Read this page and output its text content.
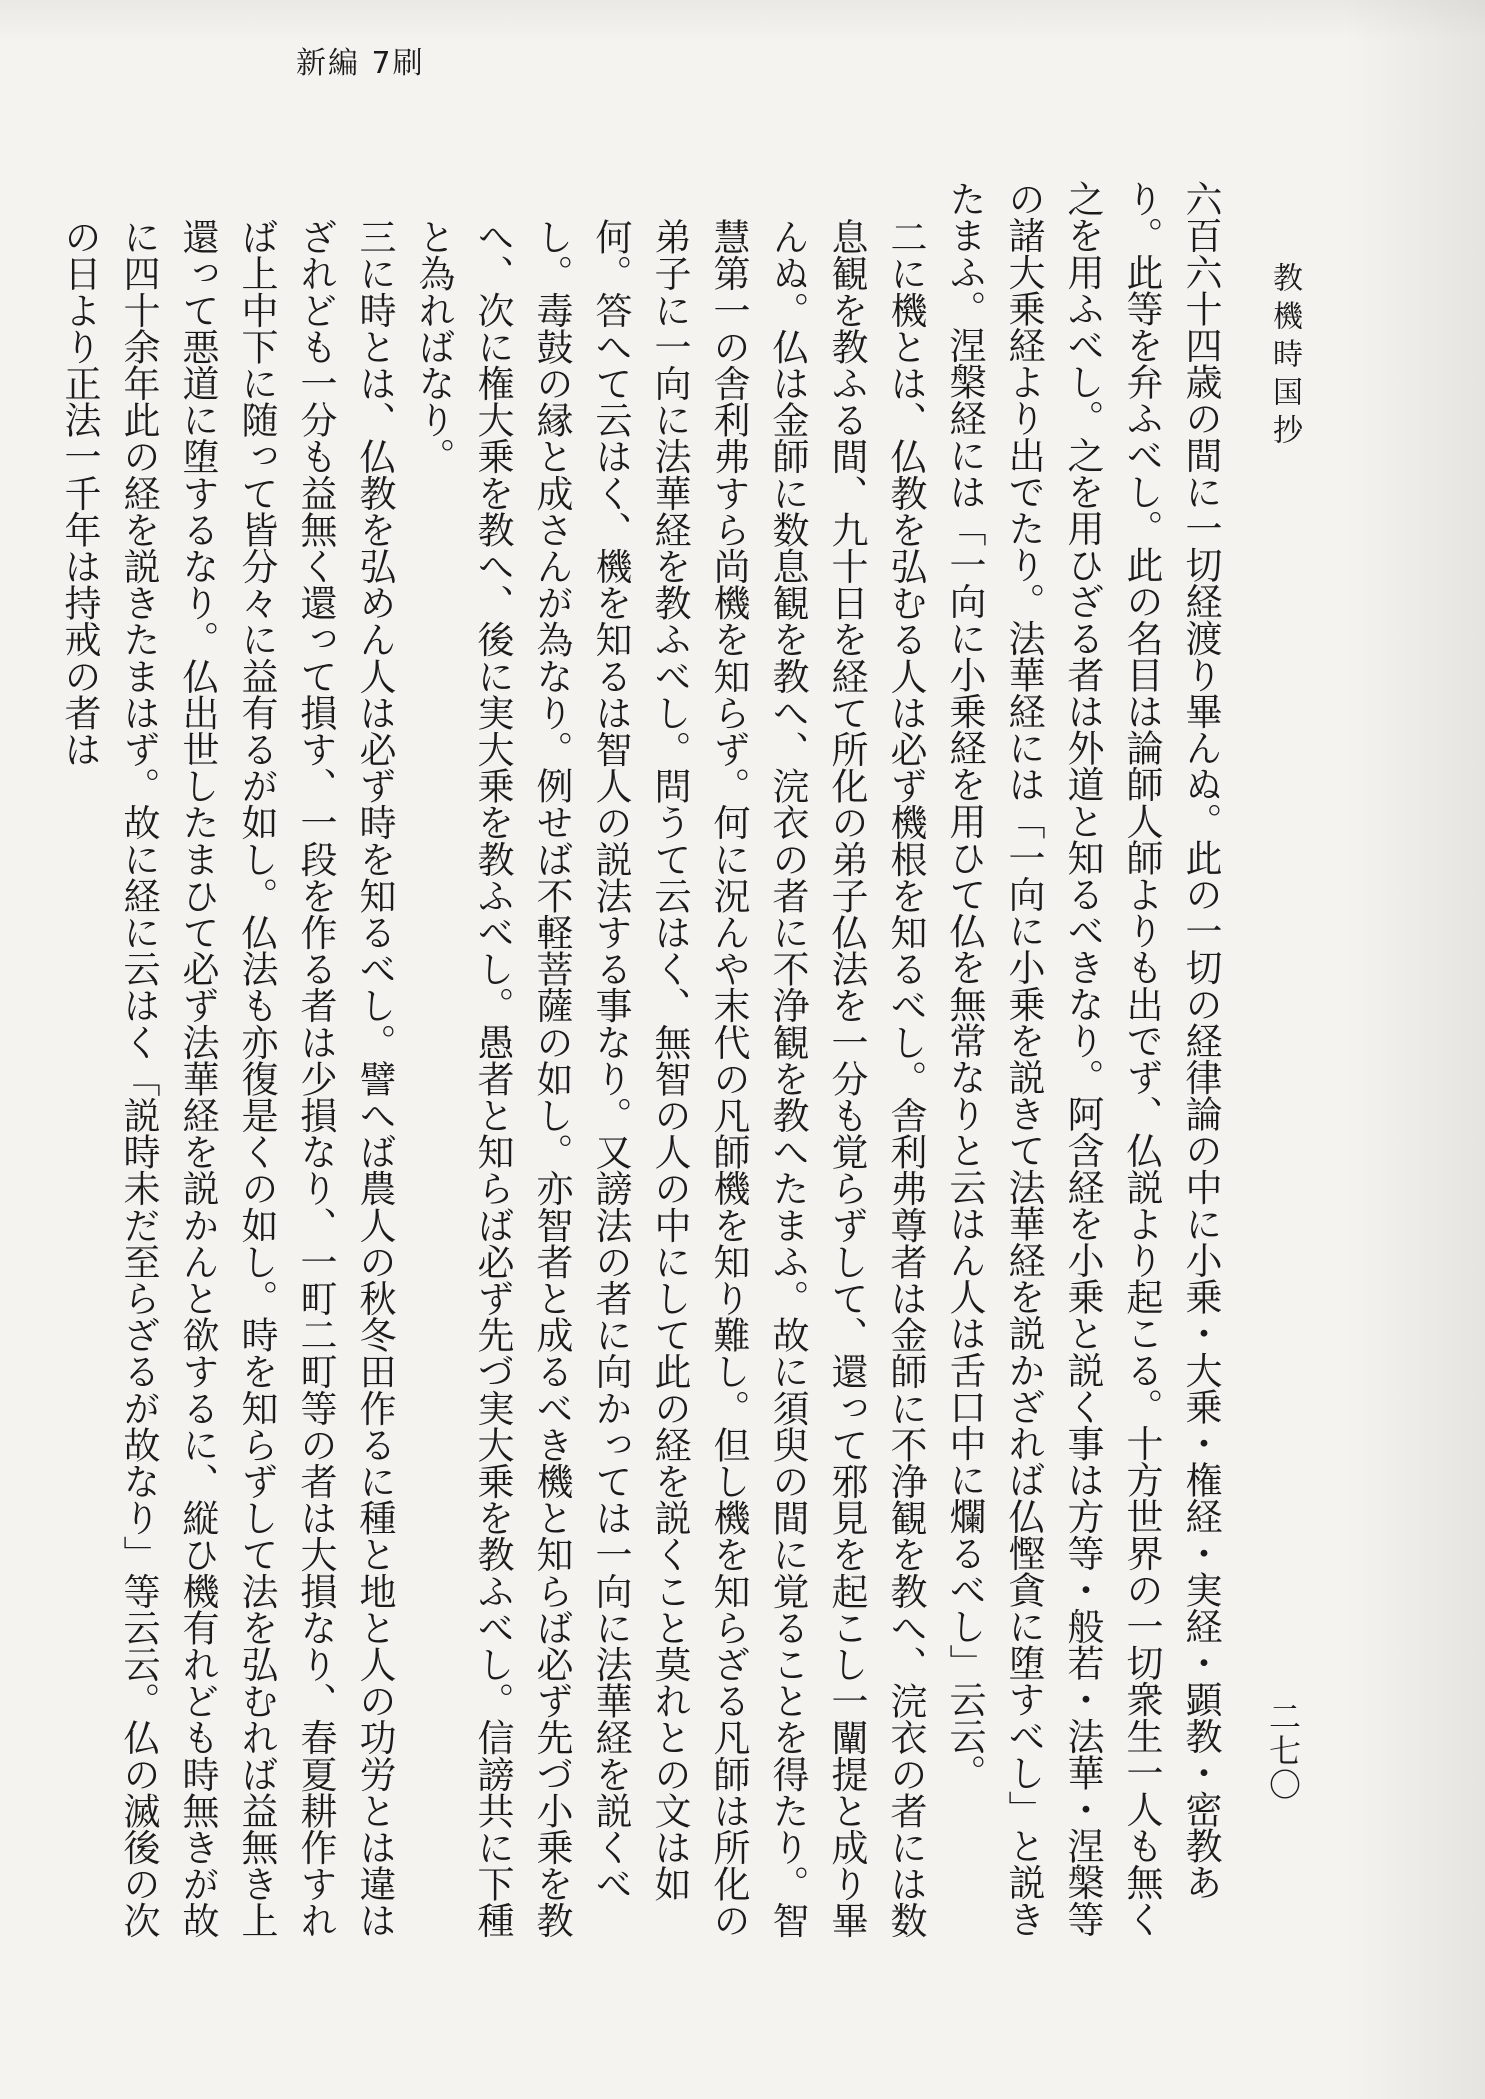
新編 7刷
教機時国抄
二七〇

六百六十四歳の間に一切経渡り畢んぬ。此の一切の経律論の中に小乗・大乗・権経・実経・顕教・密教あり。此等を弁ふべし。此の名目は論師人師よりも出でず、仏説より起こる。十方世界の一切衆生一人も無く之を用ふべし。之を用ひざる者は外道と知るべきなり。阿含経を小乗と説く事は方等・般若・法華・涅槃等の諸大乗経より出でたり。法華経には「一向に小乗を説きて法華経を説かざれば仏慳貪に堕すべし」と説きたまふ。涅槃経には「一向に小乗経を用ひて仏を無常なりと云はん人は舌口中に爛るべし」云云。

二に機とは、仏教を弘むる人は必ず機根を知るべし。舎利弗尊者は金師に不浄観を教へ、浣衣の者には数息観を教ふる間、九十日を経て所化の弟子仏法を一分も覚らずして、還って邪見を起こし一闡提と成り畢んぬ。仏は金師に数息観を教へ、浣衣の者に不浄観を教へたまふ。故に須臾の間に覚ることを得たり。智慧第一の舎利弗すら尚機を知らず。何に況んや末代の凡師機を知り難し。但し機を知らざる凡師は所化の弟子に一向に法華経を教ふべし。問うて云はく、無智の人の中にして此の経を説くこと莫れとの文は如何。答へて云はく、機を知るは智人の説法する事なり。又謗法の者に向かっては一向に法華経を説くべし。毒鼓の縁と成さんが為なり。例せば不軽菩薩の如し。亦智者と成るべき機と知らば必ず先づ小乗を教へ、次に権大乗を教へ、後に実大乗を教ふべし。愚者と知らば必ず先づ実大乗を教ふべし。信謗共に下種と為ればなり。

三に時とは、仏教を弘めん人は必ず時を知るべし。譬へば農人の秋冬田作るに種と地と人の功労とは違はざれども一分も益無く還って損す、一段を作る者は少損なり、一町二町等の者は大損なり、春夏耕作すれば上中下に随って皆分々に益有るが如し。仏法も亦復是くの如し。時を知らずして法を弘むれば益無き上還って悪道に堕するなり。仏出世したまひて必ず法華経を説かんと欲するに、縦ひ機有れども時無きが故に四十余年此の経を説きたまはず。故に経に云はく「説時未だ至らざるが故なり」等云云。仏の滅後の次の日より正法一千年は持戒の者は
